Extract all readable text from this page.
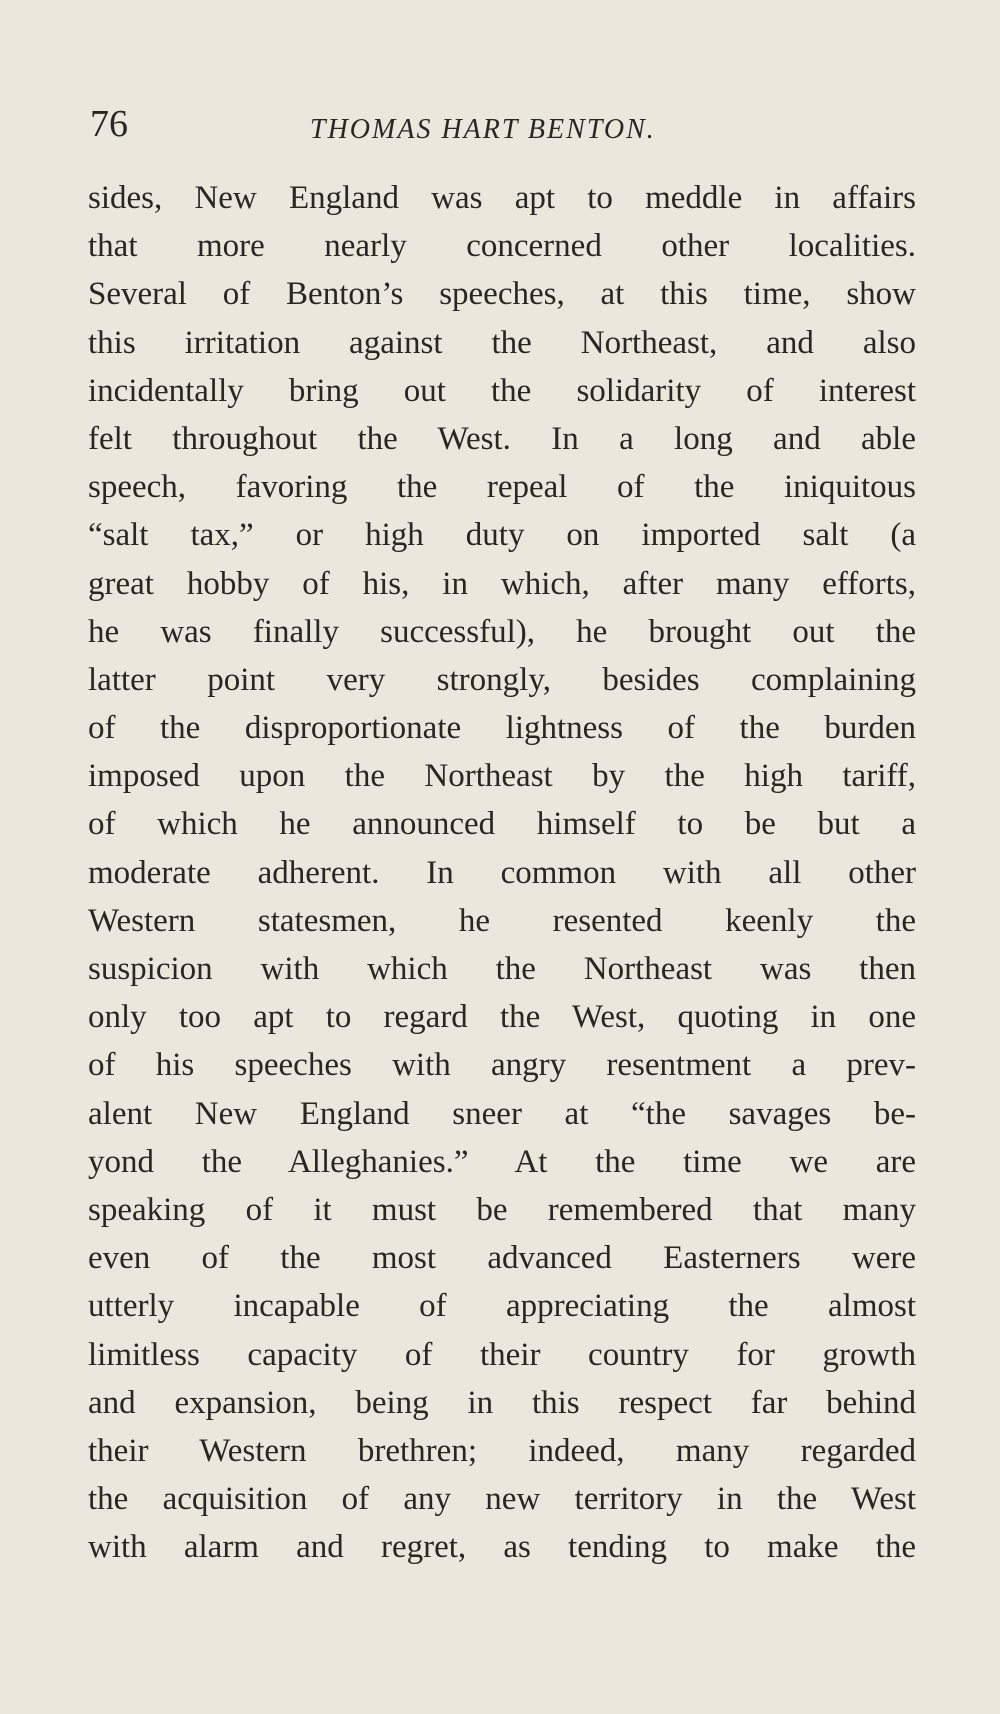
76	THOMAS HART BENTON.
sides, New England was apt to meddle in affairs
that more nearly concerned other localities.
Several of Benton’s speeches, at this time, show
this irritation against the Northeast, and also
incidentally bring out the solidarity of interest
felt throughout the West. In a long and able
speech, favoring the repeal of the iniquitous
“salt tax,” or high duty on imported salt (a
great hobby of his, in which, after many efforts,
he was finally successful), he brought out the
latter point very strongly, besides complaining
of the disproportionate lightness of the burden
imposed upon the Northeast by the high tariff,
of which he announced himself to be but a
moderate adherent. In common with all other
Western statesmen, he resented keenly the
suspicion with which the Northeast was then
only too apt to regard the West, quoting in one
of his speeches with angry resentment a prev-
alent New England sneer at “the savages be-
yond the Alleghanies.” At the time we are
speaking of it must be remembered that many
even of the most advanced Easterners were
utterly incapable of appreciating the almost
limitless capacity of their country for growth
and expansion, being in this respect far behind
their Western brethren; indeed, many regarded
the acquisition of any new territory in the West
with alarm and regret, as tending to make the
